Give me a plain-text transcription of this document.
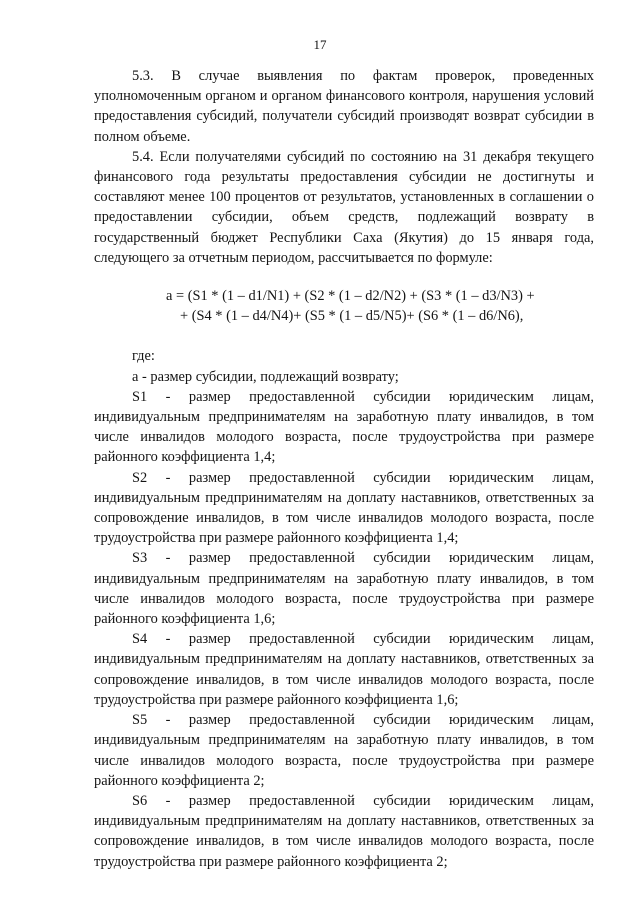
17

5.3. В случае выявления по фактам проверок, проведенных уполномоченным органом и органом финансового контроля, нарушения условий предоставления субсидий, получатели субсидий производят возврат субсидии в полном объеме.

5.4. Если получателями субсидий по состоянию на 31 декабря текущего финансового года результаты предоставления субсидии не достигнуты и составляют менее 100 процентов от результатов, установленных в соглашении о предоставлении субсидии, объем средств, подлежащий возврату в государственный бюджет Республики Саха (Якутия) до 15 января года, следующего за отчетным периодом, рассчитывается по формуле:

a = (S1 * (1 – d1/N1) + (S2 * (1 – d2/N2) + (S3 * (1 – d3/N3) +

+ (S4 * (1 – d4/N4)+ (S5 * (1 – d5/N5)+ (S6 * (1 – d6/N6),

где:

а - размер субсидии, подлежащий возврату;

S1 - размер предоставленной субсидии юридическим лицам, индивидуальным предпринимателям на заработную плату инвалидов, в том числе инвалидов молодого возраста, после трудоустройства при размере районного коэффициента 1,4;

S2 - размер предоставленной субсидии юридическим лицам, индивидуальным предпринимателям на доплату наставников, ответственных за сопровождение инвалидов, в том числе инвалидов молодого возраста, после трудоустройства при размере районного коэффициента 1,4;

S3 - размер предоставленной субсидии юридическим лицам, индивидуальным предпринимателям на заработную плату инвалидов, в том числе инвалидов молодого возраста, после трудоустройства при размере районного коэффициента 1,6;

S4 - размер предоставленной субсидии юридическим лицам, индивидуальным предпринимателям на доплату наставников, ответственных за сопровождение инвалидов, в том числе инвалидов молодого возраста, после трудоустройства при размере районного коэффициента 1,6;

S5 - размер предоставленной субсидии юридическим лицам, индивидуальным предпринимателям на заработную плату инвалидов, в том числе инвалидов молодого возраста, после трудоустройства при размере районного коэффициента 2;

S6 - размер предоставленной субсидии юридическим лицам, индивидуальным предпринимателям на доплату наставников, ответственных за сопровождение инвалидов, в том числе инвалидов молодого возраста, после трудоустройства при размере районного коэффициента 2;
